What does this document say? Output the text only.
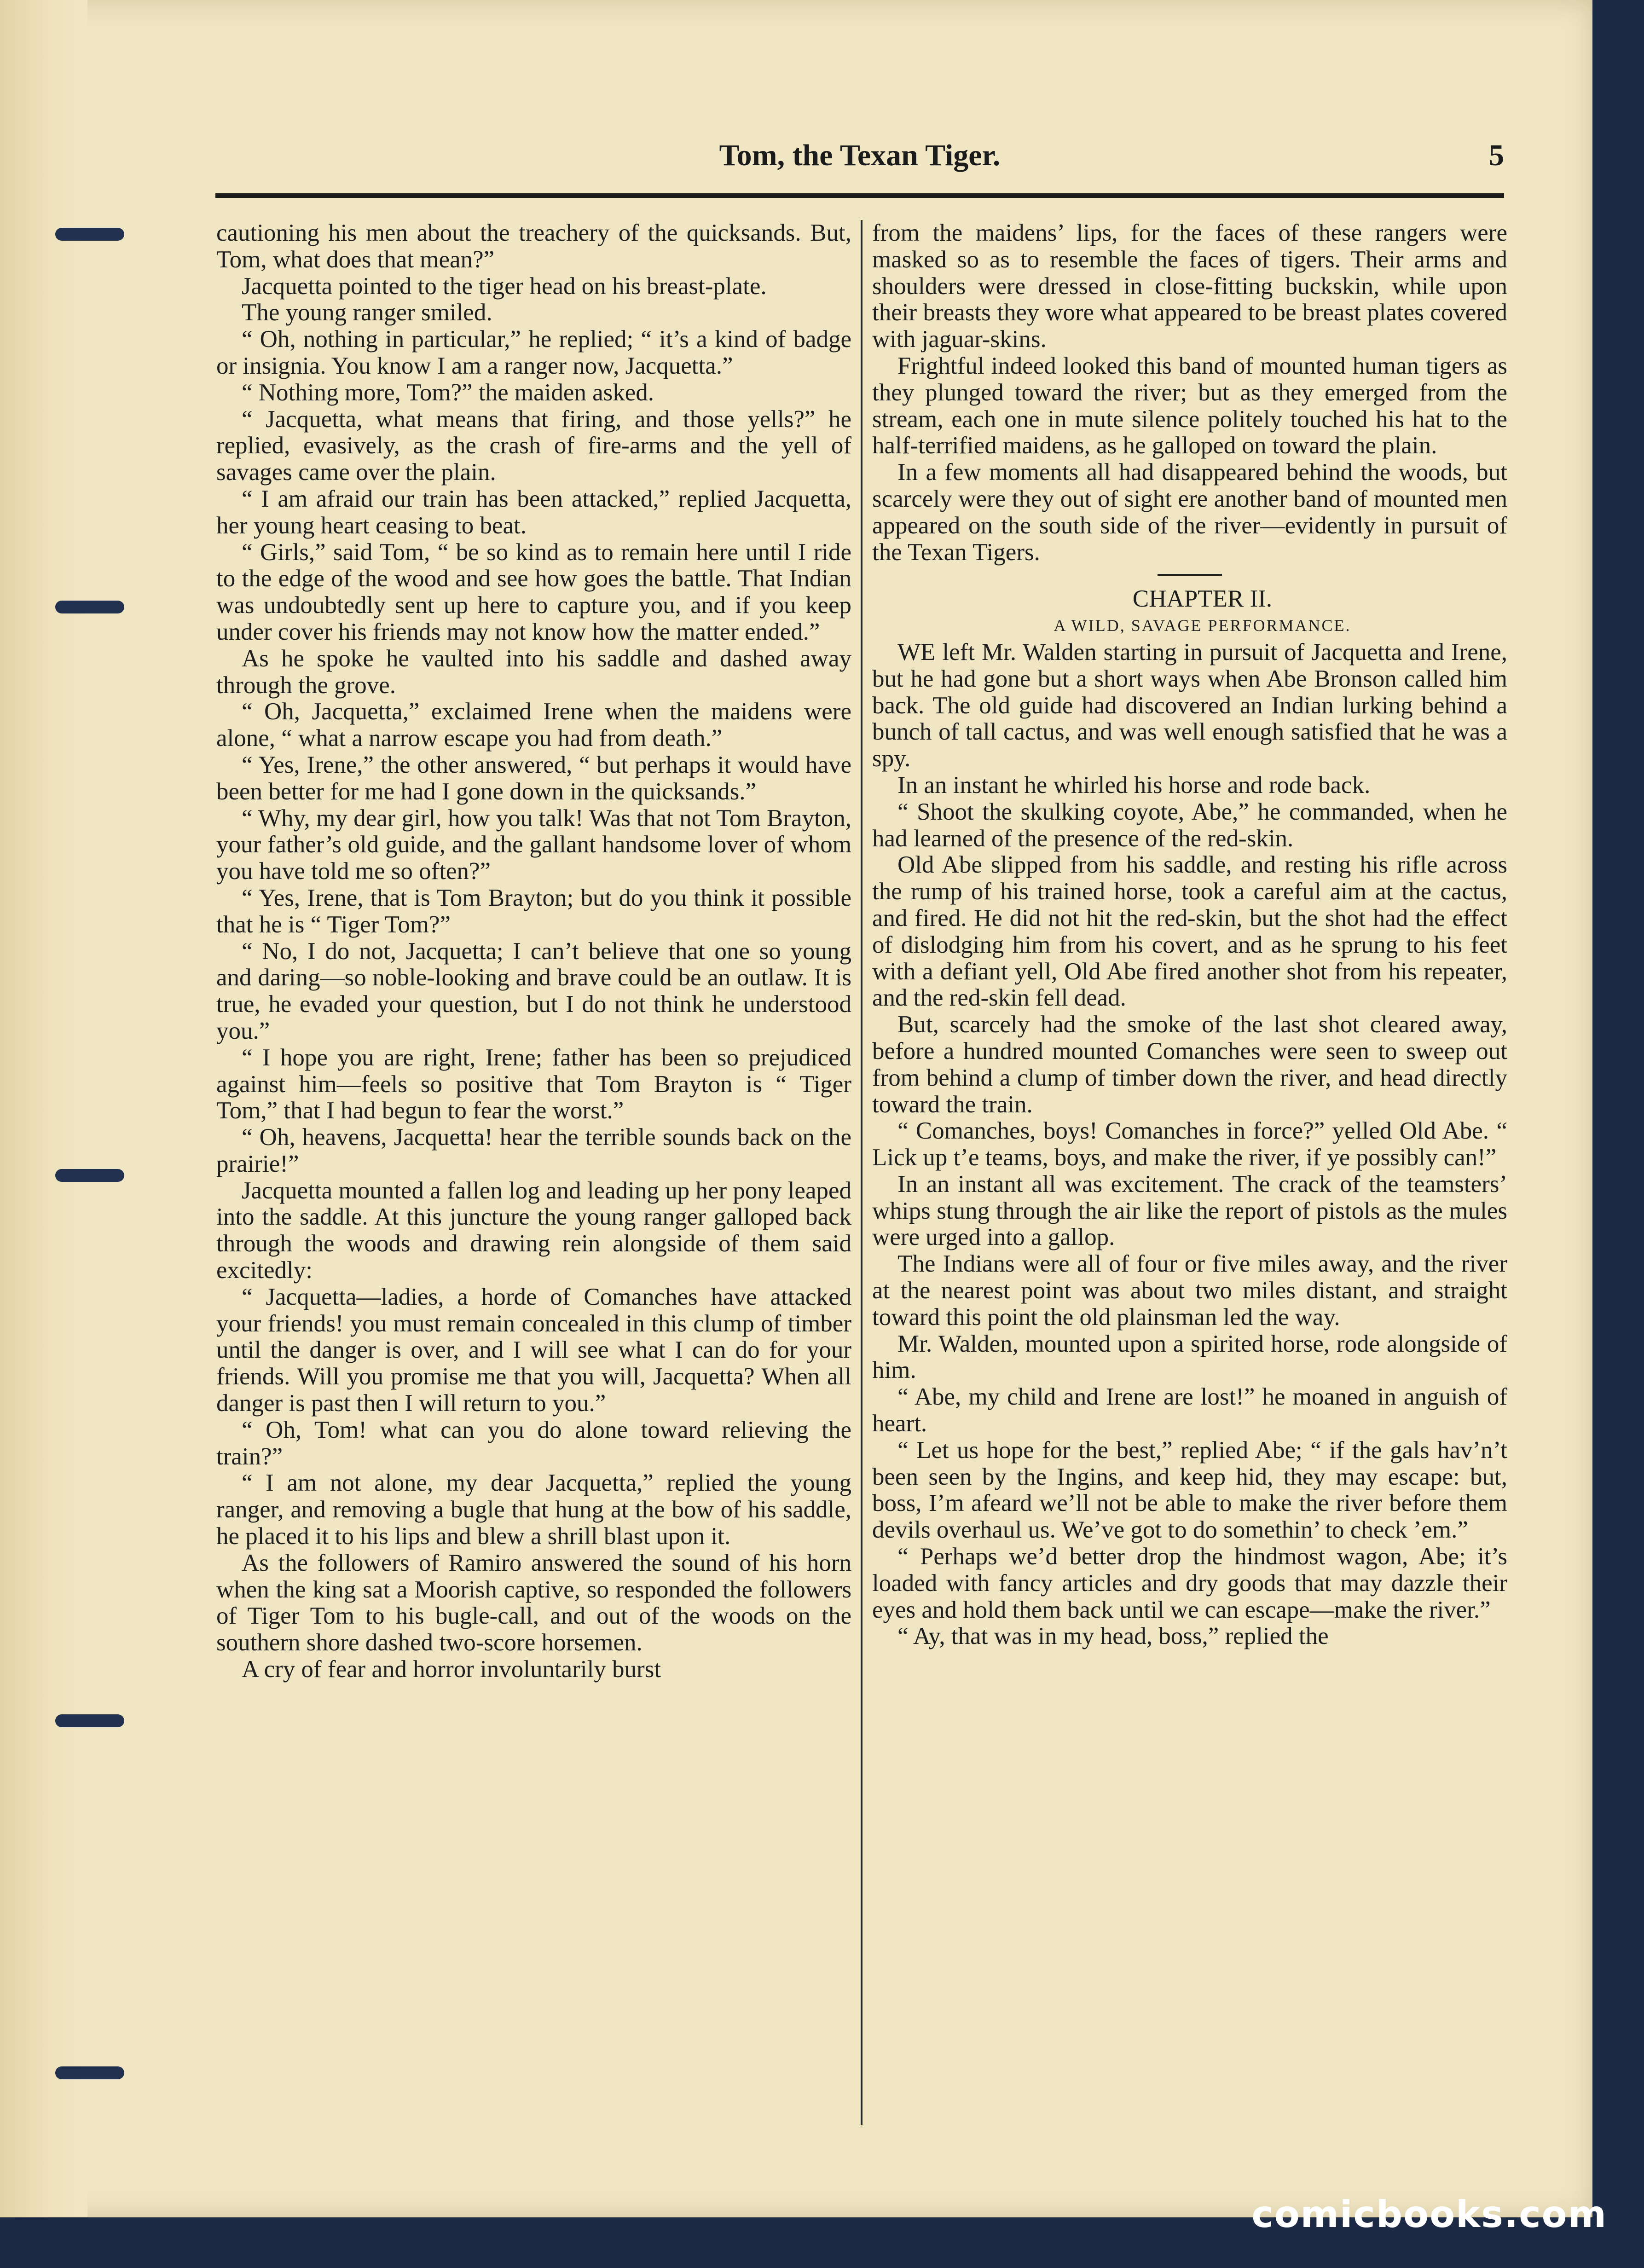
Tom, the Texan Tiger.	5

cautioning his men about the treachery of the quicksands. But, Tom, what does that mean?”

Jacquetta pointed to the tiger head on his breast-plate.

The young ranger smiled.

“ Oh, nothing in particular,” he replied; “ it’s a kind of badge or insignia. You know I am a ranger now, Jacquetta.”

“ Nothing more, Tom?” the maiden asked.

“ Jacquetta, what means that firing, and those yells?” he replied, evasively, as the crash of fire-arms and the yell of savages came over the plain.

“ I am afraid our train has been attacked,” replied Jacquetta, her young heart ceasing to beat.

“ Girls,” said Tom, “ be so kind as to remain here until I ride to the edge of the wood and see how goes the battle. That Indian was undoubtedly sent up here to capture you, and if you keep under cover his friends may not know how the matter ended.”

As he spoke he vaulted into his saddle and dashed away through the grove.

“ Oh, Jacquetta,” exclaimed Irene when the maidens were alone, “ what a narrow escape you had from death.”

“ Yes, Irene,” the other answered, “ but perhaps it would have been better for me had I gone down in the quicksands.”

“ Why, my dear girl, how you talk! Was that not Tom Brayton, your father’s old guide, and the gallant handsome lover of whom you have told me so often?”

“ Yes, Irene, that is Tom Brayton; but do you think it possible that he is “ Tiger Tom?”

“ No, I do not, Jacquetta; I can’t believe that one so young and daring—so noble-looking and brave could be an outlaw. It is true, he evaded your question, but I do not think he understood you.”

“ I hope you are right, Irene; father has been so prejudiced against him—feels so positive that Tom Brayton is “ Tiger Tom,” that I had begun to fear the worst.”

“ Oh, heavens, Jacquetta! hear the terrible sounds back on the prairie!”

Jacquetta mounted a fallen log and leading up her pony leaped into the saddle. At this juncture the young ranger galloped back through the woods and drawing rein alongside of them said excitedly:

“ Jacquetta—ladies, a horde of Comanches have attacked your friends! you must remain concealed in this clump of timber until the danger is over, and I will see what I can do for your friends. Will you promise me that you will, Jacquetta? When all danger is past then I will return to you.”

“ Oh, Tom! what can you do alone toward relieving the train?”

“ I am not alone, my dear Jacquetta,” replied the young ranger, and removing a bugle that hung at the bow of his saddle, he placed it to his lips and blew a shrill blast upon it.

As the followers of Ramiro answered the sound of his horn when the king sat a Moorish captive, so responded the followers of Tiger Tom to his bugle-call, and out of the woods on the southern shore dashed two-score horsemen.

A cry of fear and horror involuntarily burst

from the maidens’ lips, for the faces of these rangers were masked so as to resemble the faces of tigers. Their arms and shoulders were dressed in close-fitting buckskin, while upon their breasts they wore what appeared to be breast plates covered with jaguar-skins.

Frightful indeed looked this band of mounted human tigers as they plunged toward the river; but as they emerged from the stream, each one in mute silence politely touched his hat to the half-terrified maidens, as he galloped on toward the plain.

In a few moments all had disappeared behind the woods, but scarcely were they out of sight ere another band of mounted men appeared on the south side of the river—evidently in pursuit of the Texan Tigers.

CHAPTER II.

A WILD, SAVAGE PERFORMANCE.

WE left Mr. Walden starting in pursuit of Jacquetta and Irene, but he had gone but a short ways when Abe Bronson called him back. The old guide had discovered an Indian lurking behind a bunch of tall cactus, and was well enough satisfied that he was a spy.

In an instant he whirled his horse and rode back.

“ Shoot the skulking coyote, Abe,” he commanded, when he had learned of the presence of the red-skin.

Old Abe slipped from his saddle, and resting his rifle across the rump of his trained horse, took a careful aim at the cactus, and fired. He did not hit the red-skin, but the shot had the effect of dislodging him from his covert, and as he sprung to his feet with a defiant yell, Old Abe fired another shot from his repeater, and the red-skin fell dead.

But, scarcely had the smoke of the last shot cleared away, before a hundred mounted Comanches were seen to sweep out from behind a clump of timber down the river, and head directly toward the train.

“ Comanches, boys! Comanches in force?” yelled Old Abe. “ Lick up t’e teams, boys, and make the river, if ye possibly can!”

In an instant all was excitement. The crack of the teamsters’ whips stung through the air like the report of pistols as the mules were urged into a gallop.

The Indians were all of four or five miles away, and the river at the nearest point was about two miles distant, and straight toward this point the old plainsman led the way.

Mr. Walden, mounted upon a spirited horse, rode alongside of him.

“ Abe, my child and Irene are lost!” he moaned in anguish of heart.

“ Let us hope for the best,” replied Abe; “ if the gals hav’n’t been seen by the Ingins, and keep hid, they may escape: but, boss, I’m afeard we’ll not be able to make the river before them devils overhaul us. We’ve got to do somethin’ to check ’em.”

“ Perhaps we’d better drop the hindmost wagon, Abe; it’s loaded with fancy articles and dry goods that may dazzle their eyes and hold them back until we can escape—make the river.”

“ Ay, that was in my head, boss,” replied the

comicbooks.com
